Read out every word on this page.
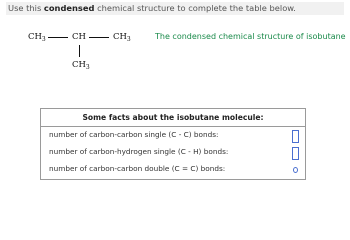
Use this condensed chemical structure to complete the table below.
$CH_3$	CH	$CH_3$
$CH_3$
The condensed chemical structure of isobutane
Some facts about the isobutane molecule:
number of carbon-carbon single (C - C) bonds:
number of carbon-hydrogen single (C - H) bonds:
number of carbon-carbon double (C = C) bonds:
